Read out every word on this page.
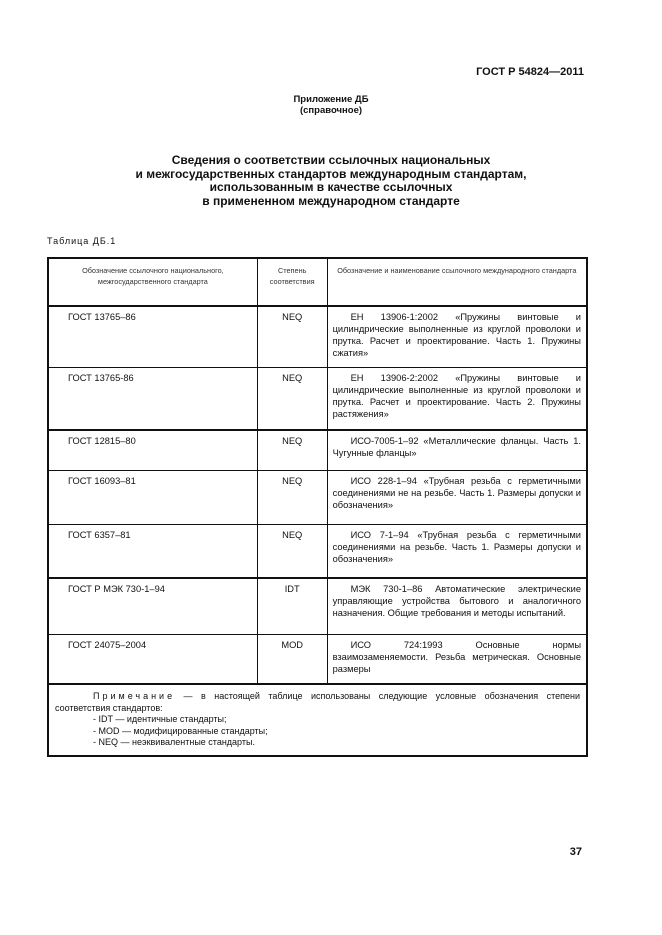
ГОСТ Р 54824—2011
Приложение ДБ
(справочное)
Сведения о соответствии ссылочных национальных
и межгосударственных стандартов международным стандартам,
использованным в качестве ссылочных
в примененном международном стандарте
Таблица ДБ.1
Обозначение ссылочного национального, межгосударственного стандарта	Степень соответствия	Обозначение и наименование ссылочного международного стандарта
ГОСТ 13765–86	NEQ	ЕН 13906-1:2002 «Пружины винтовые и цилиндрические выполненные из круглой проволоки и прутка. Расчет и проектирование. Часть 1. Пружины сжатия»

ГОСТ 13765-86	NEQ	ЕН 13906-2:2002 «Пружины винтовые и цилиндрические выполненные из круглой проволоки и прутка. Расчет и проектирование. Часть 2. Пружины растяжения»

ГОСТ 12815–80	NEQ	ИСО-7005-1–92 «Металлические фланцы. Часть 1. Чугунные фланцы»

ГОСТ 16093–81	NEQ	ИСО 228-1–94 «Трубная резьба с герметичными соединениями не на резьбе. Часть 1. Размеры допуски и обозначения»

ГОСТ 6357–81	NEQ	ИСО 7-1–94 «Трубная резьба с герметичными соединениями на резьбе. Часть 1. Размеры допуски и обозначения»

ГОСТ Р МЭК 730-1–94	IDT	МЭК 730-1–86 Автоматические электрические управляющие устройства бытового и аналогичного назначения. Общие требования и методы испытаний.

ГОСТ 24075–2004	MOD	ИСО 724:1993 Основные нормы взаимозаменяемости. Резьба метрическая. Основные размеры

Примечание — в настоящей таблице использованы следующие условные обозначения степени соответствия стандартов:
- IDT — идентичные стандарты;
- MOD — модифицированные стандарты;
- NEQ — неэквивалентные стандарты.		
37
